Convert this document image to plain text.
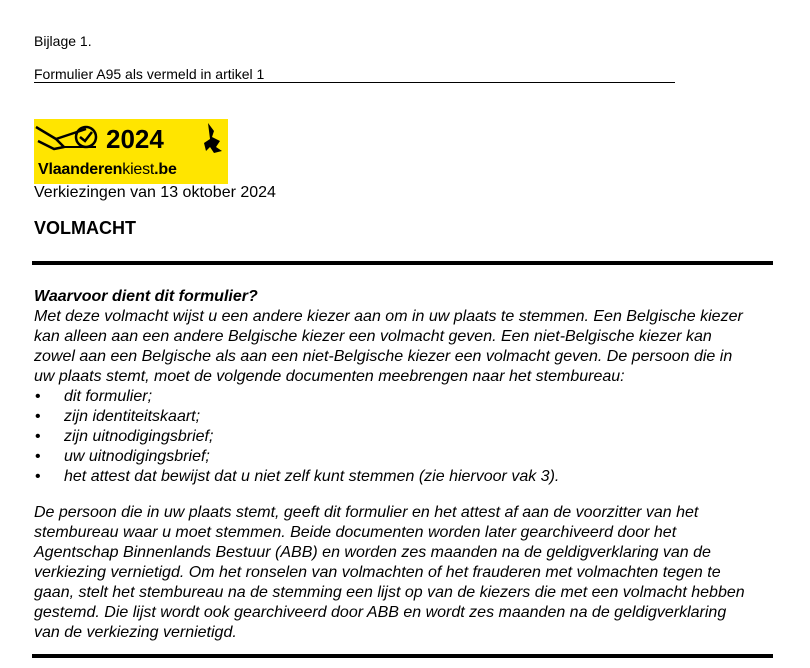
Bijlage 1.
Formulier A95 als vermeld in artikel 1
2024
Vlaanderenkiest.be
Verkiezingen van 13 oktober 2024
VOLMACHT
Waarvoor dient dit formulier?
Met deze volmacht wijst u een andere kiezer aan om in uw plaats te stemmen. Een Belgische kiezer
kan alleen aan een andere Belgische kiezer een volmacht geven. Een niet-Belgische kiezer kan
zowel aan een Belgische als aan een niet-Belgische kiezer een volmacht geven. De persoon die in
uw plaats stemt, moet de volgende documenten meebrengen naar het stembureau:
• dit formulier;
• zijn identiteitskaart;
• zijn uitnodigingsbrief;
• uw uitnodigingsbrief;
• het attest dat bewijst dat u niet zelf kunt stemmen (zie hiervoor vak 3).
De persoon die in uw plaats stemt, geeft dit formulier en het attest af aan de voorzitter van het
stembureau waar u moet stemmen. Beide documenten worden later gearchiveerd door het
Agentschap Binnenlands Bestuur (ABB) en worden zes maanden na de geldigverklaring van de
verkiezing vernietigd. Om het ronselen van volmachten of het frauderen met volmachten tegen te
gaan, stelt het stembureau na de stemming een lijst op van de kiezers die met een volmacht hebben
gestemd. Die lijst wordt ook gearchiveerd door ABB en wordt zes maanden na de geldigverklaring
van de verkiezing vernietigd.
